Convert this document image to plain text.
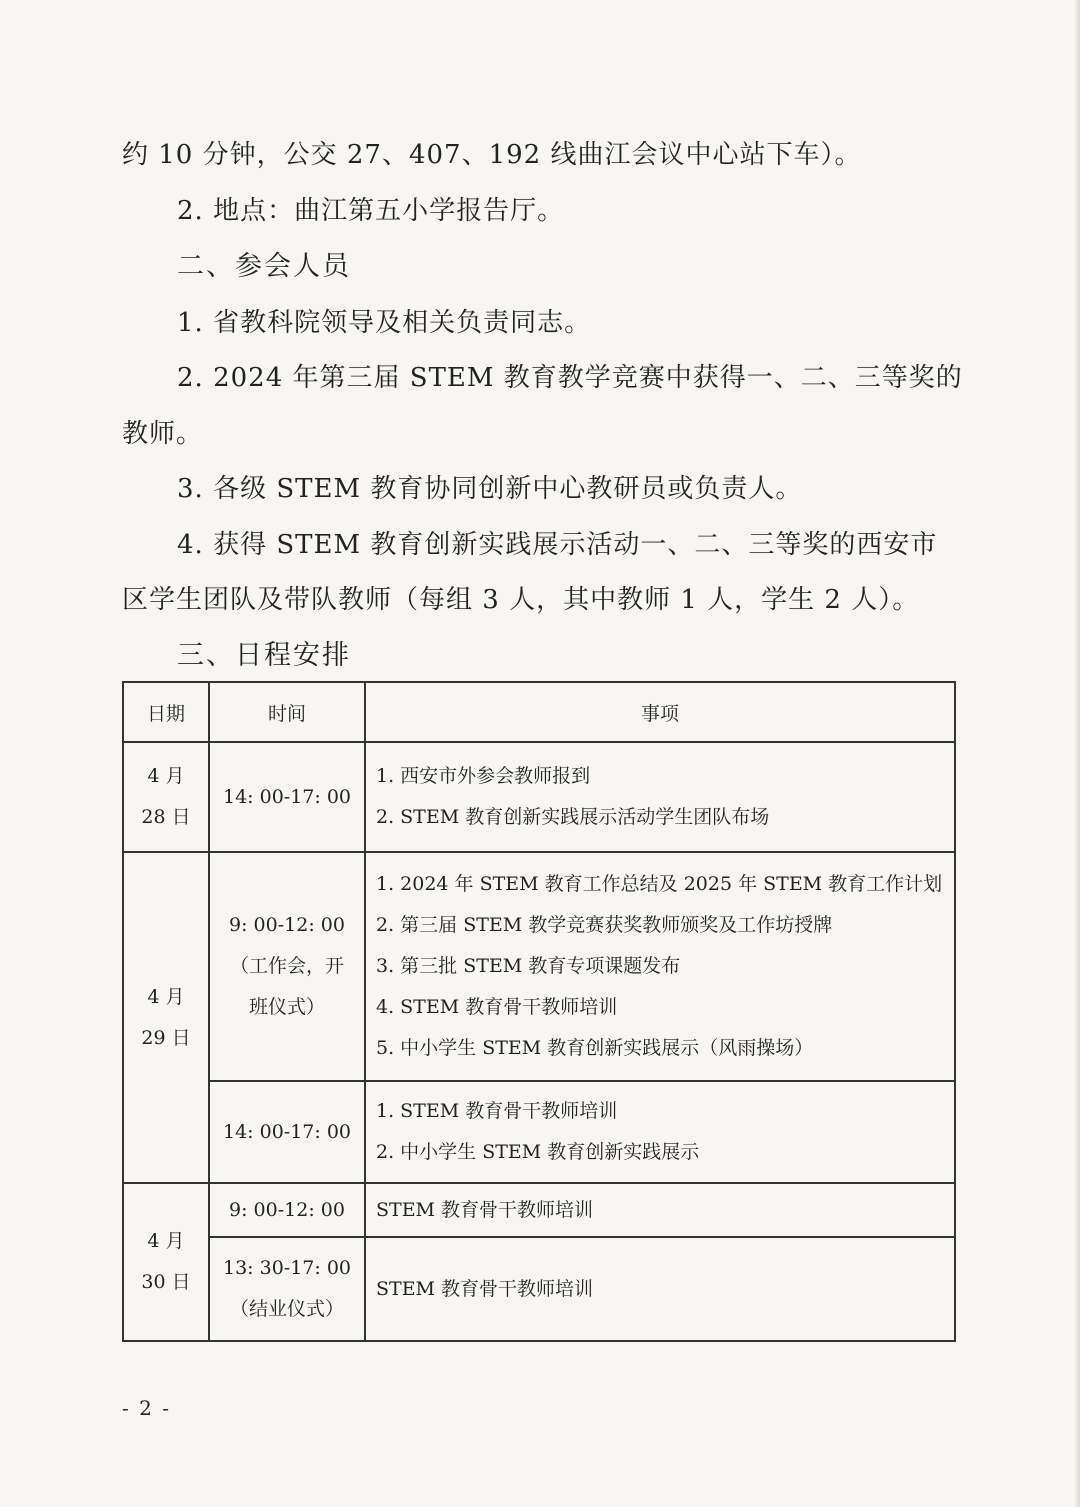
约 10 分钟，公交 27、407、192 线曲江会议中心站下车）。
2. 地点：曲江第五小学报告厅。
二、参会人员
1. 省教科院领导及相关负责同志。
2. 2024 年第三届 STEM 教育教学竞赛中获得一、二、三等奖的
教师。
3. 各级 STEM 教育协同创新中心教研员或负责人。
4. 获得 STEM 教育创新实践展示活动一、二、三等奖的西安市
区学生团队及带队教师（每组 3 人，其中教师 1 人，学生 2 人）。
三、日程安排
日期	时间	事项

4 月
28 日	14: 00-17: 00	1. 西安市外参会教师报到
2. STEM 教育创新实践展示活动学生团队布场

4 月
29 日	9: 00-12: 00
（工作会，开
班仪式）	1. 2024 年 STEM 教育工作总结及 2025 年 STEM 教育工作计划
2. 第三届 STEM 教学竞赛获奖教师颁奖及工作坊授牌
3. 第三批 STEM 教育专项课题发布
4. STEM 教育骨干教师培训
5. 中小学生 STEM 教育创新实践展示（风雨操场）

	14: 00-17: 00	1. STEM 教育骨干教师培训
2. 中小学生 STEM 教育创新实践展示

4 月
30 日	9: 00-12: 00	STEM 教育骨干教师培训

	13: 30-17: 00
（结业仪式）	STEM 教育骨干教师培训
- 2 -
